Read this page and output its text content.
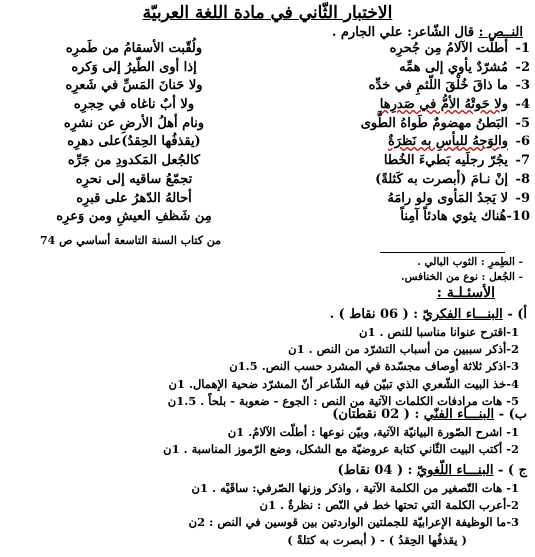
الاختبار الثّاني في مادة اللغة العربيّة
النــص : قال الشّاعر: علي الجارم .
1-أطلّت الآلامُ مِن جُحرِه
ولُقّبت الأسقامُ من طَمرِه
2-مُشرّدٌ يأوي إلى همِّه
إذا أوى الطّيرُ إلى وَكره
3-ما ذاقَ خُلْقَ اللّثمِ في خدِّه
ولا حَنانَ المَسِّ في شَعرِه
4-ولا حَوتْهُ الأمُّ في صَدرِها
ولا أبٌ ناغاه في حِجرِه
5-البَطنُ مهضومٌ طَواهُ الطَّوى
ونام أهلُ الأرضِ عن نشرِه
6-والوَجهُ للبأسِ به نَظرَةٌ
(يقذفُها الحِقدُ)على دهرِه
7-يجُرّ رجلَيه بَطيءَ الخُطا
كالجُعل المَكدودِ من جَرِّه
8-إنْ نـامَ (أبصرت به كَثلةً)
تجمّعُ ساقيه إلى نحرِه
9-لا يَجدُ المَأوى ولو رامَهُ
أحالهُ الدّهرُ على قبرِه
10-هُناك يثوي هادئاً آمِناً
مِن شَظفِ العيشِ ومن وَعرِه
من كتاب السنة التاسعة أساسي ص 74
- الطِمرِ : الثوب البالي .
- الجُعل : نوع من الخنافس.
الأسئـلـة :
أ) - البنـــاء الفكريّ : ( 06 نقاط ) .
1-اقترح عنوانا مناسبا للنص . 1ن
2-أذكر سببين من أسباب التشرّد من النص . 1ن
3-اذكر ثلاثة أوصاف مجسّدة في المشرد حسب النص. 1.5ن
4-خذ البيت الشّعري الذي تبيّن فيه الشّاعر أنّ المشرّد ضحية الإهمال. 1ن
5- هات مرادفات الكلمات الآتية من النص : الجوع - ضعوبة - بلحاً . 1.5ن
ب) - البنـــاء الفنّي : ( 02 نقطتان)
1- اشرح الصّورة البيانيّة الآتية، وبيّن نوعها : أطلّت الآلامُ. 1ن
2- أكتب البيت الثّاني كتابة عروضيّة مع الشكل، وضع الرّموز المناسبة . 1ن
ج ) - البنـــاء اللّغويّ : ( 04 نقاط)
1- هات التّصغير من الكلمة الآتية ، واذكر وزنها الصّرفي: ساقَيْه . 1ن
2-أعرب الكلمة التي تحتها خط في النّص : نظرةٌ . 1ن
3-ما الوظيفة الإعرابيّة للجملتين الواردتين بين قوسين في النص : 2ن
( يقذفُها الحِقدُ ) - ( أبصرت به كتلةً )
